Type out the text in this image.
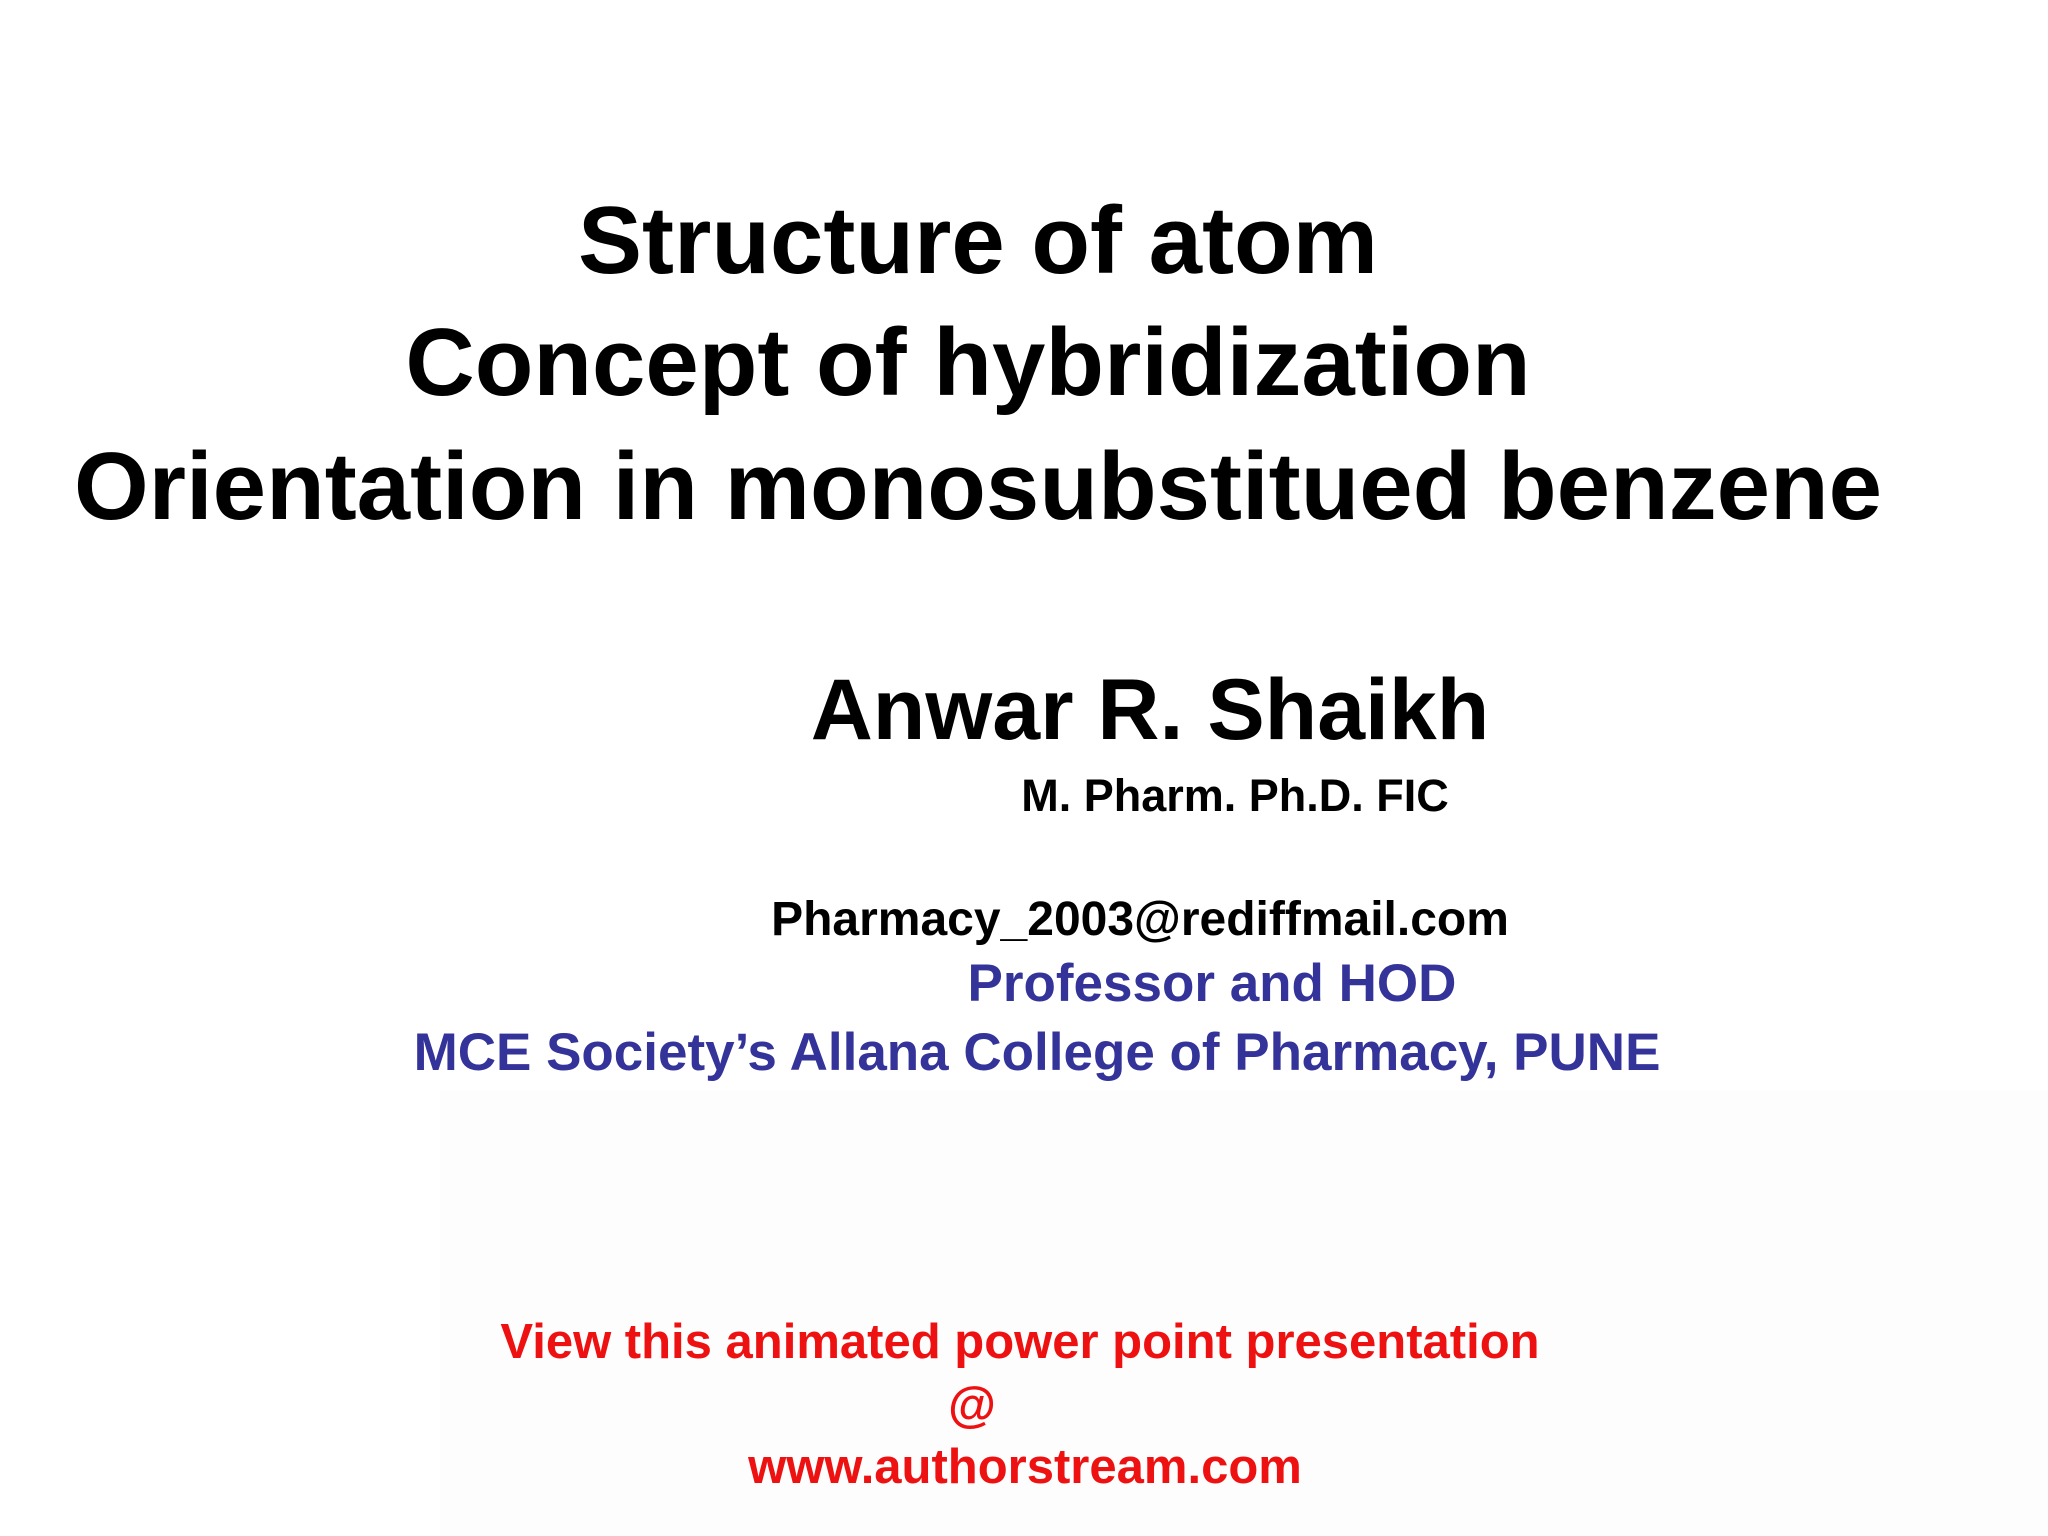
Structure of atom
Concept of hybridization
Orientation in monosubstitued benzene
Anwar R. Shaikh
M. Pharm. Ph.D. FIC
Pharmacy_2003@rediffmail.com
Professor and HOD
MCE Society’s Allana College of Pharmacy, PUNE
View this animated power point presentation
@
www.authorstream.com
